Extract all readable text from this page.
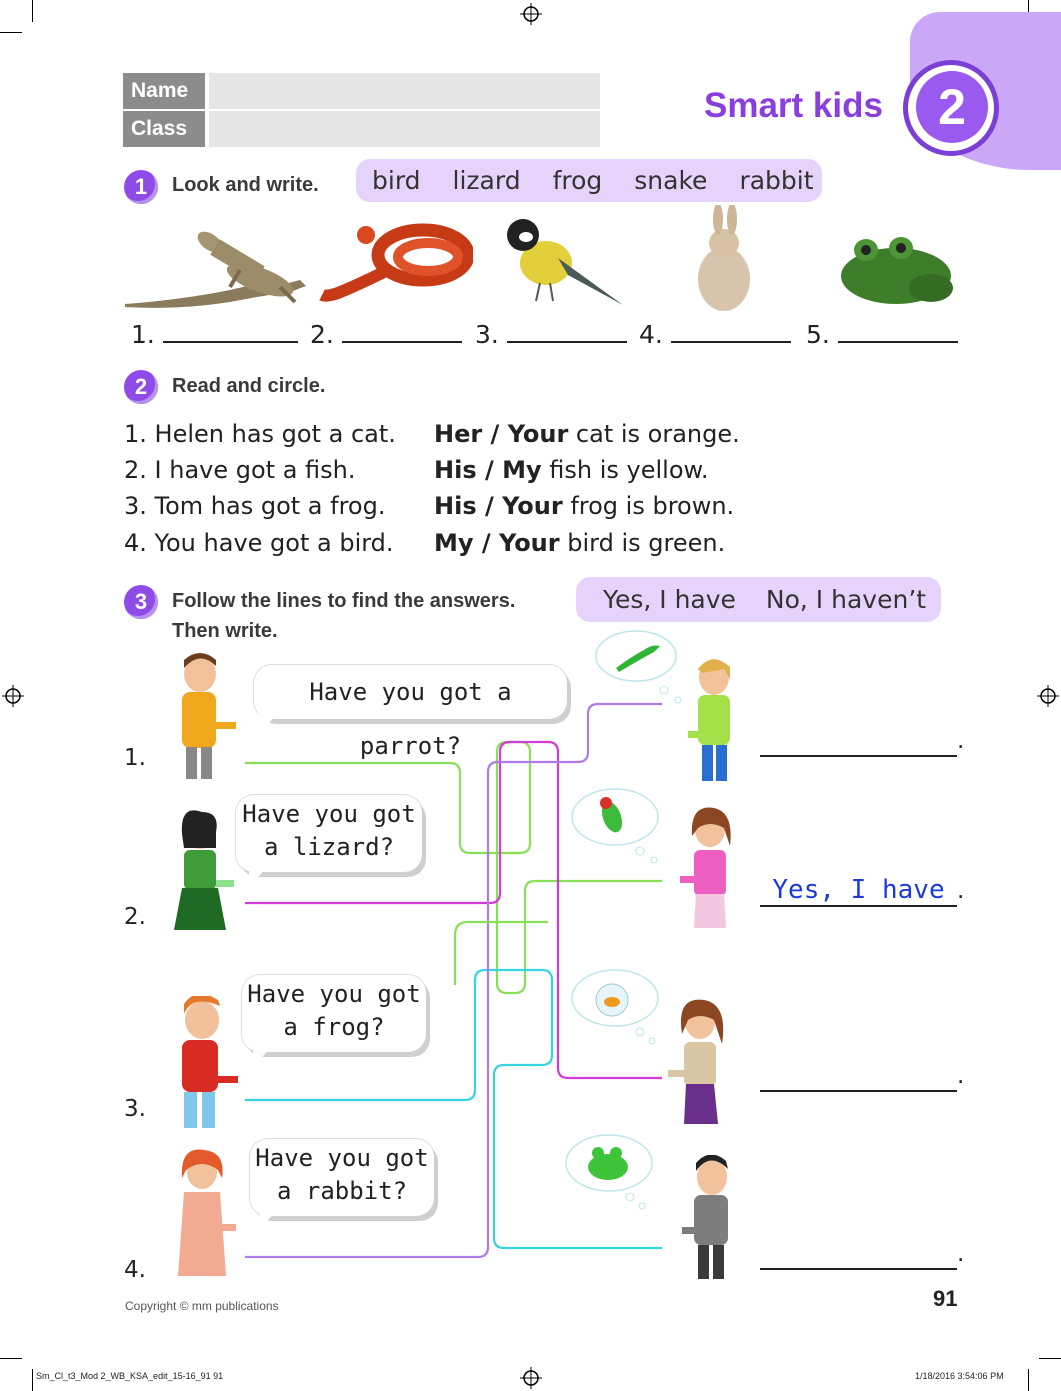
Name
Class
Smart kids	2
1	Look and write. bird lizard frog snake rabbit
1.	2.	3.	4.	5.
2	Read and circle.
1. Helen has got a cat. Her / Your cat is orange.
2. I have got a fish.	His / My fish is yellow.
3. Tom has got a frog. His / Your frog is brown.
4. You have got a bird. My / Your bird is green.
3	Follow the lines to find the answers.
Then write.
Yes, I have No, I haven’t
Have you got a parrot?
Have you got
a lizard?
Have you got
a frog?
Have you got
a rabbit?
1.
2.
3.
4.
.
Yes, I have .
.
.
Copyright © mm publications	91
Sm_Cl_t3_Mod 2_WB_KSA_edit_15-16_91 91	1/18/2016 3:54:06 PM
